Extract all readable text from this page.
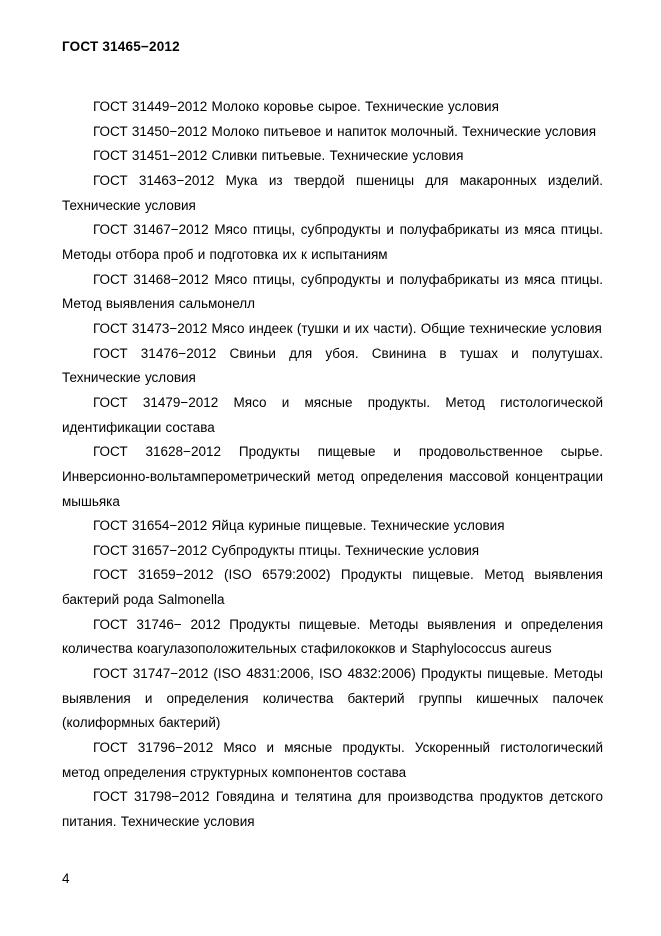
ГОСТ 31465−2012

ГОСТ 31449−2012 Молоко коровье сырое. Технические условия

ГОСТ 31450−2012 Молоко питьевое и напиток молочный. Технические условия

ГОСТ 31451−2012 Сливки питьевые. Технические условия

ГОСТ 31463−2012 Мука из твердой пшеницы для макаронных изделий. Технические условия

ГОСТ 31467−2012 Мясо птицы, субпродукты и полуфабрикаты из мяса птицы. Методы отбора проб и подготовка их к испытаниям

ГОСТ 31468−2012 Мясо птицы, субпродукты и полуфабрикаты из мяса птицы. Метод выявления сальмонелл

ГОСТ 31473−2012 Мясо индеек (тушки и их части). Общие технические условия

ГОСТ 31476−2012 Свиньи для убоя. Свинина в тушах и полутушах. Технические условия

ГОСТ 31479−2012 Мясо и мясные продукты. Метод гистологической идентификации состава

ГОСТ 31628−2012 Продукты пищевые и продовольственное сырье. Инверсионно-вольтамперометрический метод определения массовой концентрации мышьяка

ГОСТ 31654−2012 Яйца куриные пищевые. Технические условия

ГОСТ 31657−2012 Субпродукты птицы. Технические условия

ГОСТ 31659−2012 (ISO 6579:2002) Продукты пищевые. Метод выявления бактерий рода Salmonella

ГОСТ 31746− 2012 Продукты пищевые. Методы выявления и определения количества коагулазоположительных стафилококков и Staphylococcus aureus

ГОСТ 31747−2012 (ISO 4831:2006, ISO 4832:2006) Продукты пищевые. Методы выявления и определения количества бактерий группы кишечных палочек (колиформных бактерий)

ГОСТ 31796−2012 Мясо и мясные продукты. Ускоренный гистологический метод определения структурных компонентов состава

ГОСТ 31798−2012 Говядина и телятина для производства продуктов детского питания. Технические условия

4
